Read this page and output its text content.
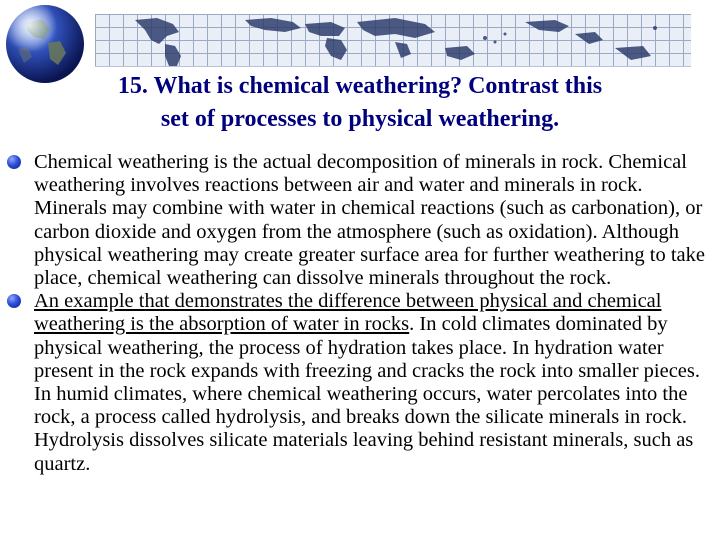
15. What is chemical weathering? Contrast this
set of processes to physical weathering.
Chemical weathering is the actual decomposition of minerals in rock. Chemical weathering involves reactions between air and water and minerals in rock. Minerals may combine with water in chemical reactions (such as carbonation), or carbon dioxide and oxygen from the atmosphere (such as oxidation). Although physical weathering may create greater surface area for further weathering to take place, chemical weathering can dissolve minerals throughout the rock.
An example that demonstrates the difference between physical and chemical weathering is the absorption of water in rocks. In cold climates dominated by physical weathering, the process of hydration takes place. In hydration water present in the rock expands with freezing and cracks the rock into smaller pieces. In humid climates, where chemical weathering occurs, water percolates into the rock, a process called hydrolysis, and breaks down the silicate minerals in rock. Hydrolysis dissolves silicate materials leaving behind resistant minerals, such as quartz.
